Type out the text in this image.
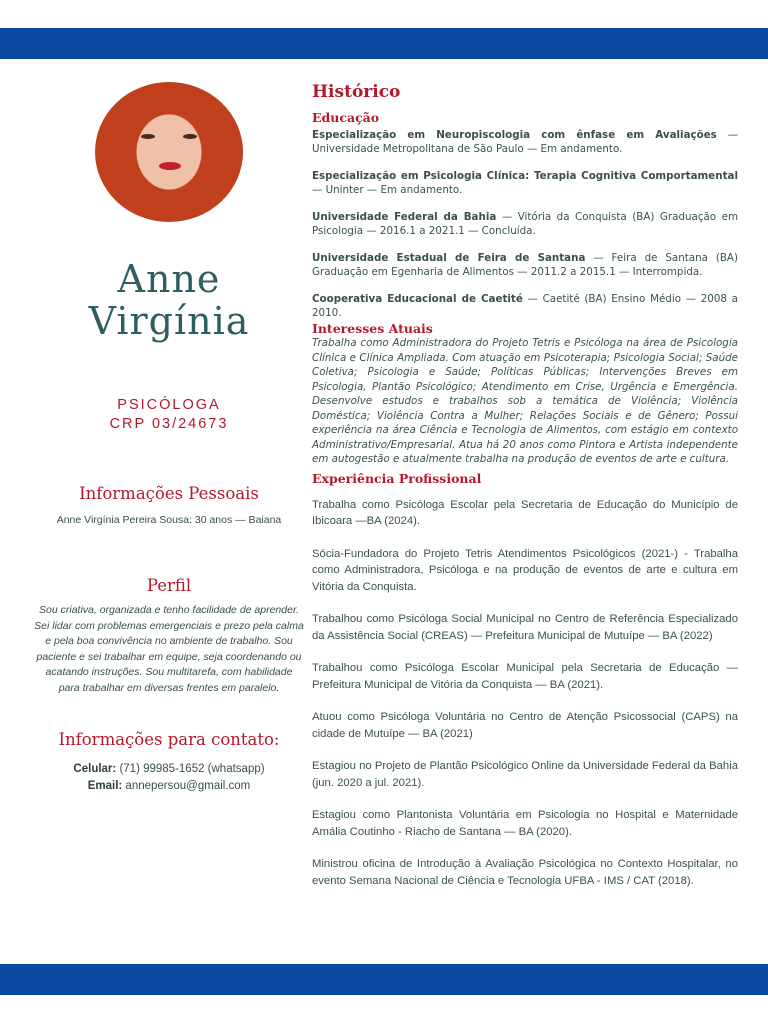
Anne
Virgínia
PSICÓLOGA
CRP 03/24673
Informações Pessoais
Anne Virgínia Pereira Sousa: 30 anos — Baiana
Perfil
Sou criativa, organizada e tenho facilidade de aprender. Sei lidar com problemas emergenciais e prezo pela calma e pela boa convivência no ambiente de trabalho. Sou paciente e sei trabalhar em equipe, seja coordenando ou acatando instruções. Sou multitarefa, com habilidade para trabalhar em diversas frentes em paralelo.
Informações para contato:
Celular: (71) 99985-1652 (whatsapp)
Email: annepersou@gmail.com
Histórico
Educação
Especialização em Neuropiscologia com ênfase em Avaliações — Universidade Metropolitana de São Paulo — Em andamento.
Especialização em Psicologia Clínica: Terapia Cognitiva Comportamental — Uninter — Em andamento.
Universidade Federal da Bahia — Vitória da Conquista (BA) Graduação em Psicologia — 2016.1 a 2021.1 — Concluída.
Universidade Estadual de Feira de Santana — Feira de Santana (BA) Graduação em Egenharia de Alimentos — 2011.2 a 2015.1 — Interrompida.
Cooperativa Educacional de Caetité — Caetité (BA) Ensino Médio — 2008 a 2010.
Interesses Atuais
Trabalha como Administradora do Projeto Tetris e Psicóloga na área de Psicologia Clínica e Clínica Ampliada. Com atuação em Psicoterapia; Psicologia Social; Saúde Coletiva; Psicologia e Saúde; Políticas Públicas; Intervenções Breves em Psicologia, Plantão Psicológico; Atendimento em Crise, Urgência e Emergência. Desenvolve estudos e trabalhos sob a temática de Violência; Violência Doméstica; Violência Contra a Mulher; Relações Sociais e de Gênero; Possui experiência na área Ciência e Tecnologia de Alimentos, com estágio em contexto Administrativo/Empresarial. Atua há 20 anos como Pintora e Artista independente em autogestão e atualmente trabalha na produção de eventos de arte e cultura.
Experiência Profissional
Trabalha como Psicóloga Escolar pela Secretaria de Educação do Município de Ibicoara —BA (2024).
Sócia-Fundadora do Projeto Tetris Atendimentos Psicológicos (2021-) - Trabalha como Administradora, Psicóloga e na produção de eventos de arte e cultura em Vitória da Conquista.
Trabalhou como Psicóloga Social Municipal no Centro de Referência Especializado da Assistência Social (CREAS) — Prefeitura Municipal de Mutuípe — BA (2022)
Trabalhou como Psicóloga Escolar Municipal pela Secretaria de Educação — Prefeitura Municipal de Vitória da Conquista — BA (2021).
Atuou como Psicóloga Voluntária no Centro de Atenção Psicossocial (CAPS) na cidade de Mutuípe — BA (2021)
Estagiou no Projeto de Plantão Psicológico Online da Universidade Federal da Bahia (jun. 2020 a jul. 2021).
Estagiou como Plantonista Voluntária em Psicologia no Hospital e Maternidade Amália Coutinho - Riacho de Santana — BA (2020).
Ministrou oficina de Introdução à Avaliação Psicológica no Contexto Hospitalar, no evento Semana Nacional de Ciência e Tecnologia UFBA - IMS / CAT (2018).
